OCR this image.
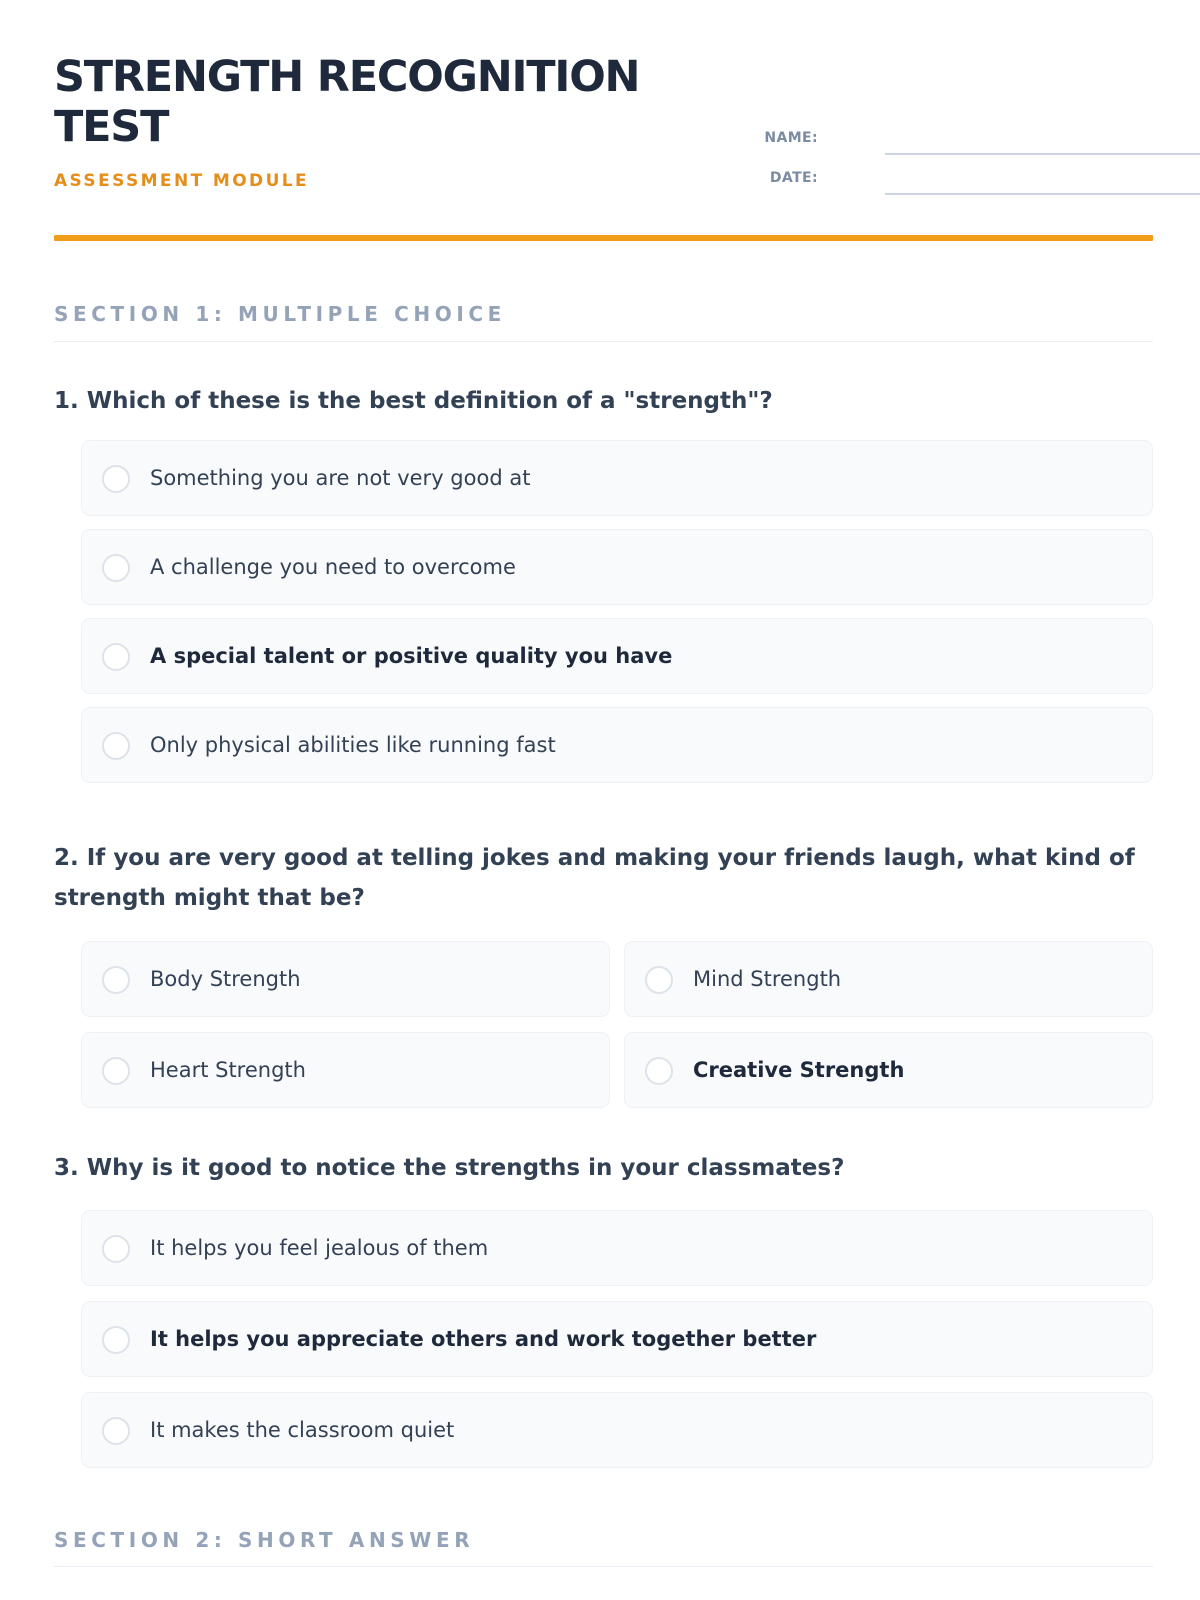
STRENGTH RECOGNITION
TEST
ASSESSMENT MODULE
NAME:
DATE:
SECTION 1: MULTIPLE CHOICE
1. Which of these is the best definition of a "strength"?
Something you are not very good at
A challenge you need to overcome
A special talent or positive quality you have
Only physical abilities like running fast
2. If you are very good at telling jokes and making your friends laugh, what kind of strength might that be?
Body Strength	Mind Strength
Heart Strength	Creative Strength
3. Why is it good to notice the strengths in your classmates?
It helps you feel jealous of them
It helps you appreciate others and work together better
It makes the classroom quiet
SECTION 2: SHORT ANSWER
